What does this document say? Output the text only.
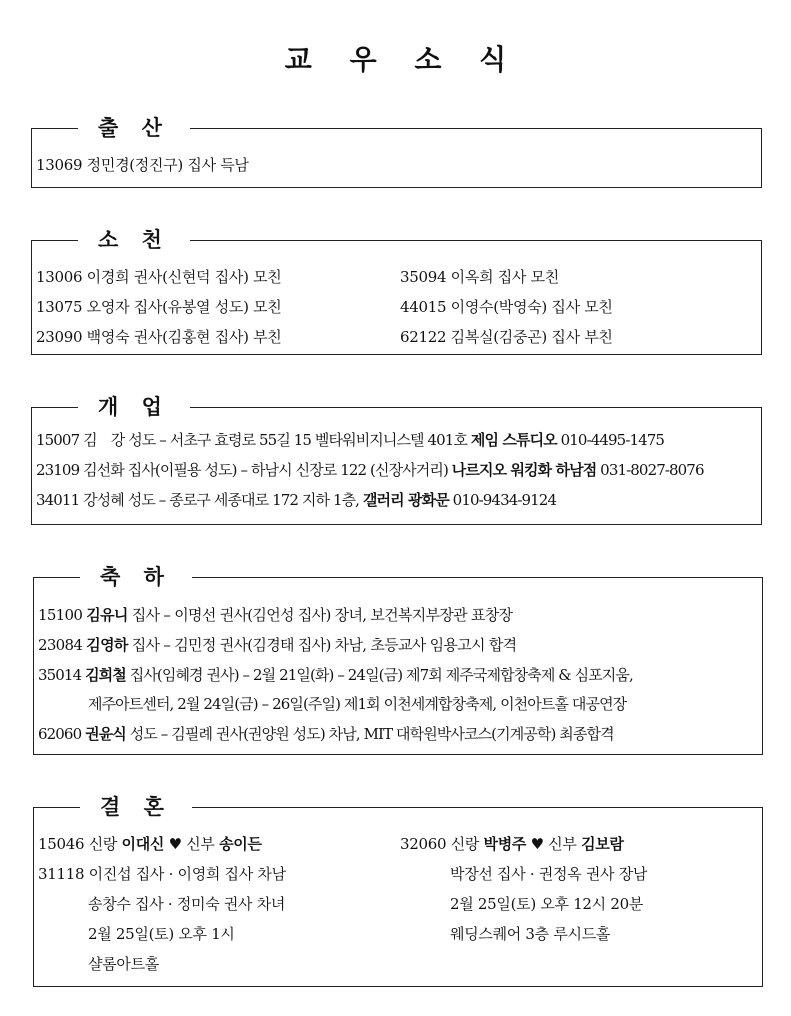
교 우 소 식
출 산
13069 정민경(정진구) 집사 득남
소 천
13006 이경희 권사(신현덕 집사) 모친
13075 오영자 집사(유봉열 성도) 모친
23090 백영숙 권사(김홍현 집사) 부친
35094 이옥희 집사 모친
44015 이영수(박영숙) 집사 모친
62122 김복실(김중곤) 집사 부친
개 업
15007 김　강 성도 – 서초구 효령로 55길 15 벨타워비지니스텔 401호 제임 스튜디오 010-4495-1475
23109 김선화 집사(이필용 성도) – 하남시 신장로 122 (신장사거리) 나르지오 워킹화 하남점 031-8027-8076
34011 강성혜 성도 – 종로구 세종대로 172 지하 1층, 갤러리 광화문 010-9434-9124
축 하
15100 김유니 집사 – 이명선 권사(김언성 집사) 장녀, 보건복지부장관 표창장
23084 김영하 집사 – 김민정 권사(김경태 집사) 차남, 초등교사 임용고시 합격
35014 김희철 집사(임혜경 권사) – 2월 21일(화) – 24일(금) 제7회 제주국제합창축제 & 심포지움,
제주아트센터, 2월 24일(금) – 26일(주일) 제1회 이천세계합창축제, 이천아트홀 대공연장
62060 권윤식 성도 – 김필례 권사(권양원 성도) 차남, MIT 대학원박사코스(기계공학) 최종합격
결 혼
15046 신랑 이대신 ♥ 신부 송이든
31118 이진섭 집사 · 이영희 집사 차남
송창수 집사 · 정미숙 권사 차녀
2월 25일(토) 오후 1시
샬롬아트홀
32060 신랑 박병주 ♥ 신부 김보람
박장선 집사 · 권정옥 권사 장남
2월 25일(토) 오후 12시 20분
웨딩스퀘어 3층 루시드홀
